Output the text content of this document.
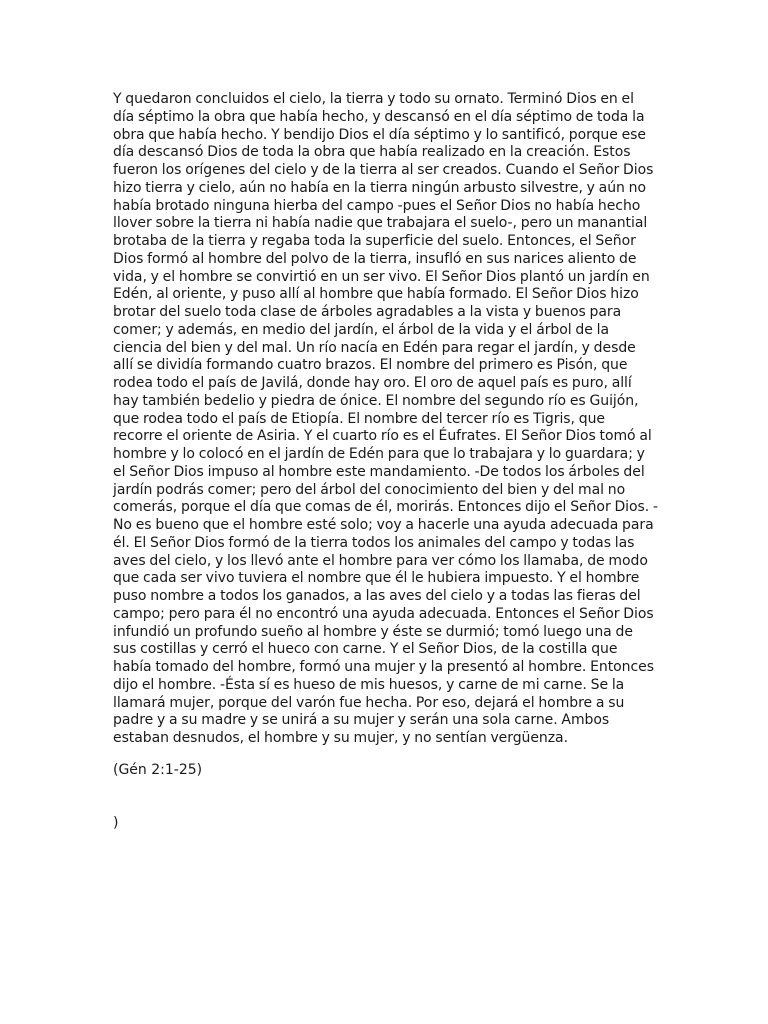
Y quedaron concluidos el cielo, la tierra y todo su ornato. Terminó Dios en el día séptimo la obra que había hecho, y descansó en el día séptimo de toda la obra que había hecho. Y bendijo Dios el día séptimo y lo santificó, porque ese día descansó Dios de toda la obra que había realizado en la creación. Estos fueron los orígenes del cielo y de la tierra al ser creados. Cuando el Señor Dios hizo tierra y cielo, aún no había en la tierra ningún arbusto silvestre, y aún no había brotado ninguna hierba del campo -pues el Señor Dios no había hecho llover sobre la tierra ni había nadie que trabajara el suelo-, pero un manantial brotaba de la tierra y regaba toda la superficie del suelo. Entonces, el Señor Dios formó al hombre del polvo de la tierra, insufló en sus narices aliento de vida, y el hombre se convirtió en un ser vivo. El Señor Dios plantó un jardín en Edén, al oriente, y puso allí al hombre que había formado. El Señor Dios hizo brotar del suelo toda clase de árboles agradables a la vista y buenos para comer; y además, en medio del jardín, el árbol de la vida y el árbol de la ciencia del bien y del mal. Un río nacía en Edén para regar el jardín, y desde allí se dividía formando cuatro brazos. El nombre del primero es Pisón, que rodea todo el país de Javilá, donde hay oro. El oro de aquel país es puro, allí hay también bedelio y piedra de ónice. El nombre del segundo río es Guijón, que rodea todo el país de Etiopía. El nombre del tercer río es Tigris, que recorre el oriente de Asiria. Y el cuarto río es el Éufrates. El Señor Dios tomó al hombre y lo colocó en el jardín de Edén para que lo trabajara y lo guardara; y el Señor Dios impuso al hombre este mandamiento. -De todos los árboles del jardín podrás comer; pero del árbol del conocimiento del bien y del mal no comerás, porque el día que comas de él, morirás. Entonces dijo el Señor Dios. -No es bueno que el hombre esté solo; voy a hacerle una ayuda adecuada para él. El Señor Dios formó de la tierra todos los animales del campo y todas las aves del cielo, y los llevó ante el hombre para ver cómo los llamaba, de modo que cada ser vivo tuviera el nombre que él le hubiera impuesto. Y el hombre puso nombre a todos los ganados, a las aves del cielo y a todas las fieras del campo; pero para él no encontró una ayuda adecuada. Entonces el Señor Dios infundió un profundo sueño al hombre y éste se durmió; tomó luego una de sus costillas y cerró el hueco con carne. Y el Señor Dios, de la costilla que había tomado del hombre, formó una mujer y la presentó al hombre. Entonces dijo el hombre. -Ésta sí es hueso de mis huesos, y carne de mi carne. Se la llamará mujer, porque del varón fue hecha. Por eso, dejará el hombre a su padre y a su madre y se unirá a su mujer y serán una sola carne. Ambos estaban desnudos, el hombre y su mujer, y no sentían vergüenza.

(Gén 2:1-25)

)
